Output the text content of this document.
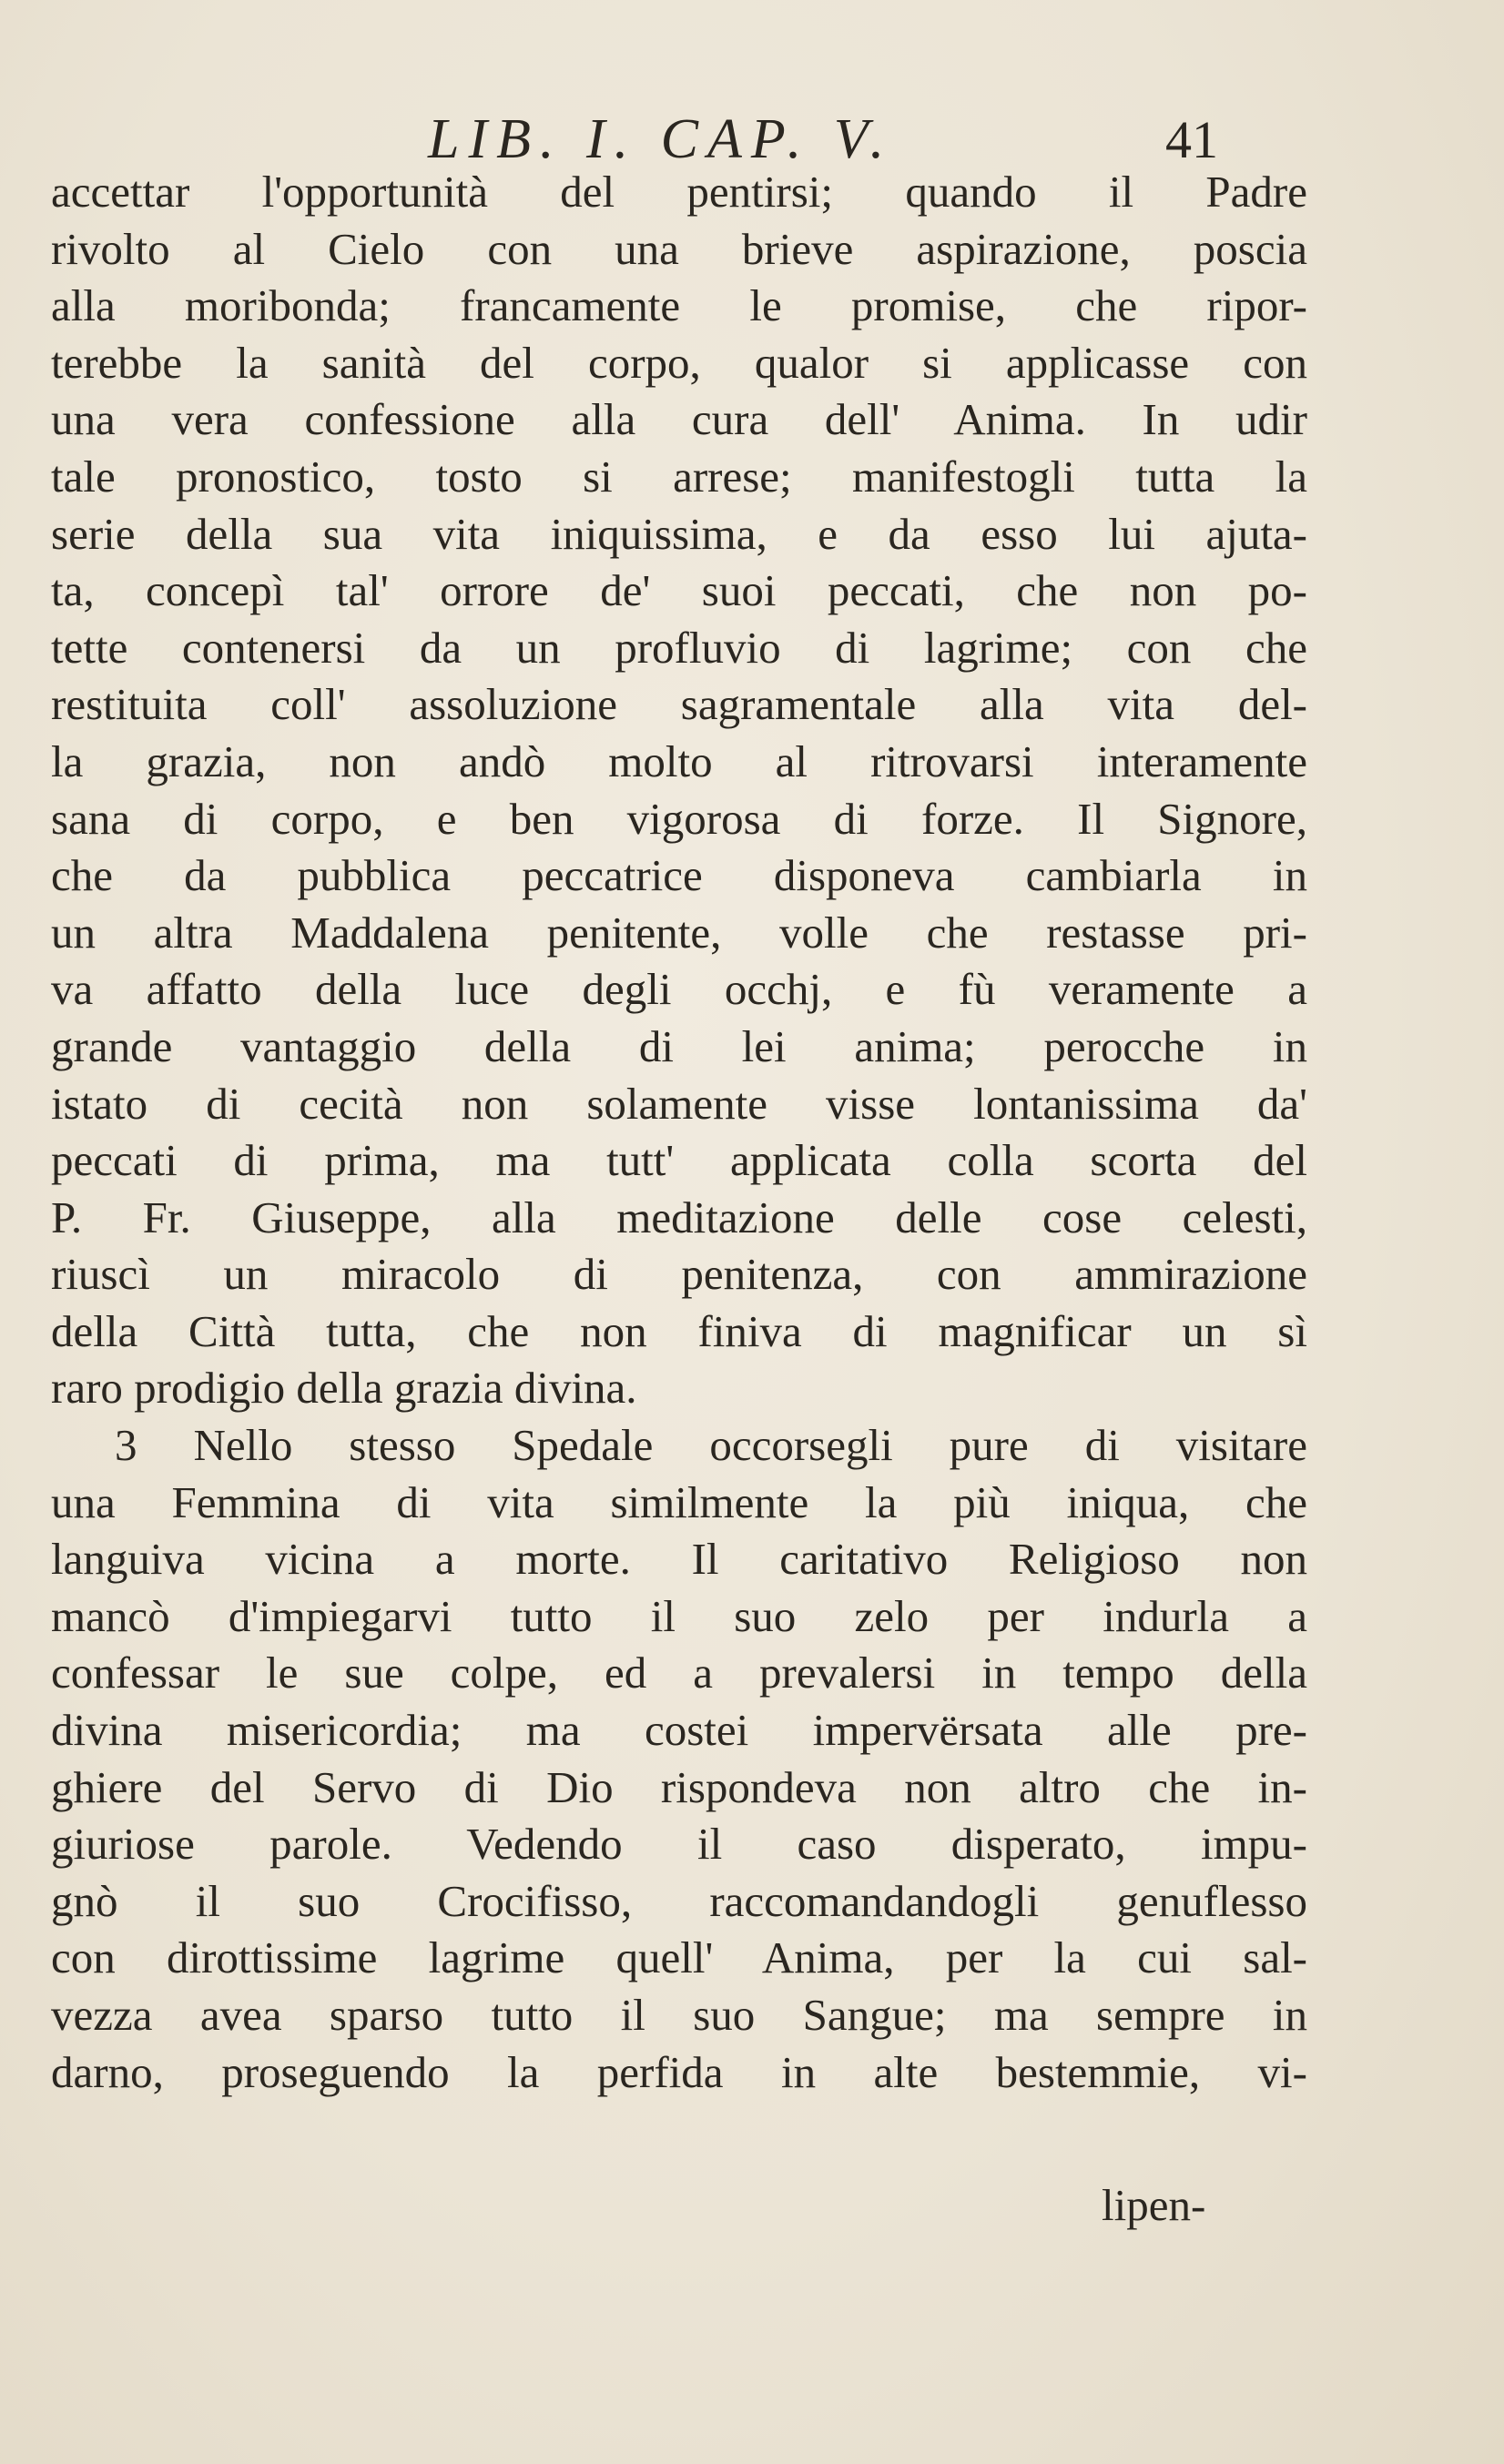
LIB. I. CAP. V.	41
accettar l'opportunità del pentirsi; quando il Padre
rivolto al Cielo con una brieve aspirazione, poscia
alla moribonda; francamente le promise, che ripor-
terebbe la sanità del corpo, qualor si applicasse con
una vera confessione alla cura dell' Anima. In udir
tale pronostico, tosto si arrese; manifestogli tutta la
serie della sua vita iniquissima, e da esso lui ajuta-
ta, concepì tal' orrore de' suoi peccati, che non po-
tette contenersi da un profluvio di lagrime; con che
restituita coll' assoluzione sagramentale alla vita del-
la grazia, non andò molto al ritrovarsi interamente
sana di corpo, e ben vigorosa di forze. Il Signore,
che da pubblica peccatrice disponeva cambiarla in
un altra Maddalena penitente, volle che restasse pri-
va affatto della luce degli occhj, e fù veramente a
grande vantaggio della di lei anima; perocche in
istato di cecità non solamente visse lontanissima da'
peccati di prima, ma tutt' applicata colla scorta del
P. Fr. Giuseppe, alla meditazione delle cose celesti,
riuscì un miracolo di penitenza, con ammirazione
della Città tutta, che non finiva di magnificar un sì
raro prodigio della grazia divina.
3 Nello stesso Spedale occorsegli pure di visitare
una Femmina di vita similmente la più iniqua, che
languiva vicina a morte. Il caritativo Religioso non
mancò d'impiegarvi tutto il suo zelo per indurla a
confessar le sue colpe, ed a prevalersi in tempo della
divina misericordia; ma costei impervërsata alle pre-
ghiere del Servo di Dio rispondeva non altro che in-
giuriose parole. Vedendo il caso disperato, impu-
gnò il suo Crocifisso, raccomandandogli genuflesso
con dirottissime lagrime quell' Anima, per la cui sal-
vezza avea sparso tutto il suo Sangue; ma sempre in
darno, proseguendo la perfida in alte bestemmie, vi-
lipen-
